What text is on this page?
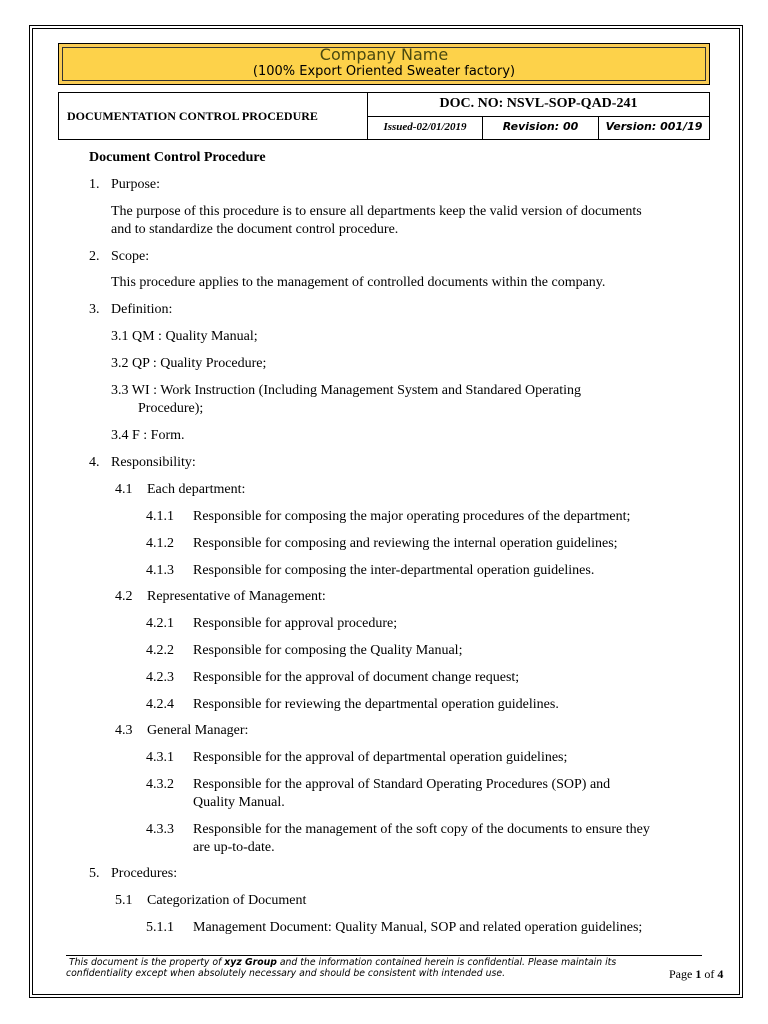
Company Name
(100% Export Oriented Sweater factory)
DOCUMENTATION CONTROL PROCEDURE
DOC. NO: NSVL-SOP-QAD-241
Issued-02/01/2019	Revision: 00	Version: 001/19
Document Control Procedure
1. Purpose:
The purpose of this procedure is to ensure all departments keep the valid version of documents
and to standardize the document control procedure.
2. Scope:
This procedure applies to the management of controlled documents within the company.
3. Definition:
3.1 QM : Quality Manual;
3.2 QP : Quality Procedure;
3.3 WI : Work Instruction (Including Management System and Standared Operating
Procedure);
3.4 F : Form.
4. Responsibility:
4.1 Each department:
4.1.1 Responsible for composing the major operating procedures of the department;
4.1.2 Responsible for composing and reviewing the internal operation guidelines;
4.1.3 Responsible for composing the inter-departmental operation guidelines.
4.2 Representative of Management:
4.2.1 Responsible for approval procedure;
4.2.2 Responsible for composing the Quality Manual;
4.2.3 Responsible for the approval of document change request;
4.2.4 Responsible for reviewing the departmental operation guidelines.
4.3 General Manager:
4.3.1 Responsible for the approval of departmental operation guidelines;
4.3.2 Responsible for the approval of Standard Operating Procedures (SOP) and
Quality Manual.
4.3.3 Responsible for the management of the soft copy of the documents to ensure they
are up-to-date.
5. Procedures:
5.1 Categorization of Document
5.1.1 Management Document: Quality Manual, SOP and related operation guidelines;
This document is the property of xyz Group and the information contained herein is confidential. Please maintain its
confidentiality except when absolutely necessary and should be consistent with intended use.	Page 1 of 4
